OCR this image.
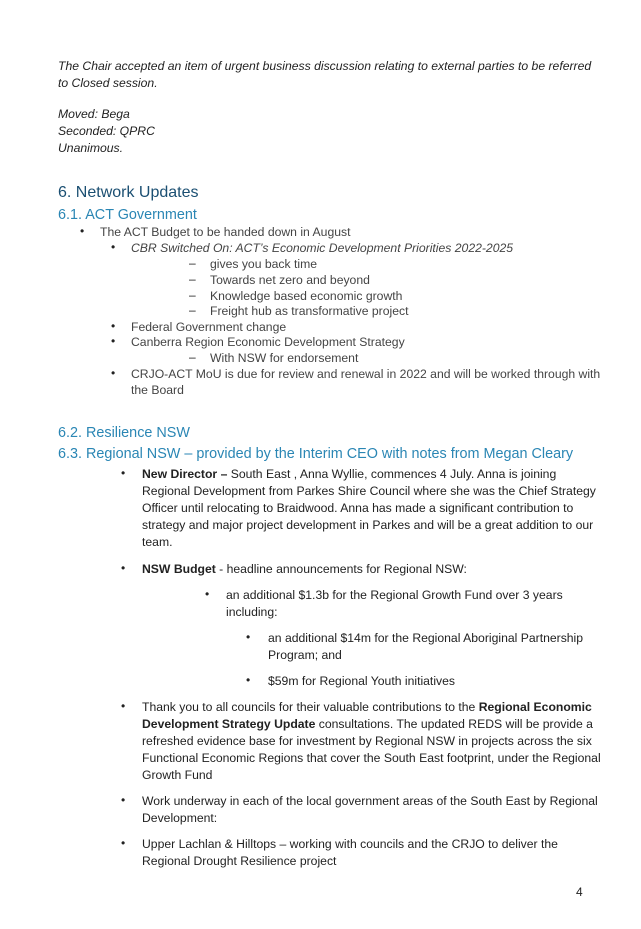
The Chair accepted an item of urgent business discussion relating to external parties to be referred
to Closed session.
Moved: Bega
Seconded: QPRC
Unanimous.
6. Network Updates
6.1. ACT Government
• The ACT Budget to be handed down in August
• CBR Switched On: ACT’s Economic Development Priorities 2022-2025
– gives you back time
– Towards net zero and beyond
– Knowledge based economic growth
– Freight hub as transformative project
• Federal Government change
• Canberra Region Economic Development Strategy
– With NSW for endorsement
• CRJO-ACT MoU is due for review and renewal in 2022 and will be worked through with
the Board
6.2. Resilience NSW
6.3. Regional NSW – provided by the Interim CEO with notes from Megan Cleary
• New Director – South East , Anna Wyllie, commences 4 July. Anna is joining
Regional Development from Parkes Shire Council where she was the Chief Strategy
Officer until relocating to Braidwood. Anna has made a significant contribution to
strategy and major project development in Parkes and will be a great addition to our
team.
• NSW Budget - headline announcements for Regional NSW:
• an additional $1.3b for the Regional Growth Fund over 3 years
including:
• an additional $14m for the Regional Aboriginal Partnership
Program; and
• $59m for Regional Youth initiatives
• Thank you to all councils for their valuable contributions to the Regional Economic
Development Strategy Update consultations. The updated REDS will be provide a
refreshed evidence base for investment by Regional NSW in projects across the six
Functional Economic Regions that cover the South East footprint, under the Regional
Growth Fund
• Work underway in each of the local government areas of the South East by Regional
Development:
• Upper Lachlan & Hilltops – working with councils and the CRJO to deliver the
Regional Drought Resilience project
4
